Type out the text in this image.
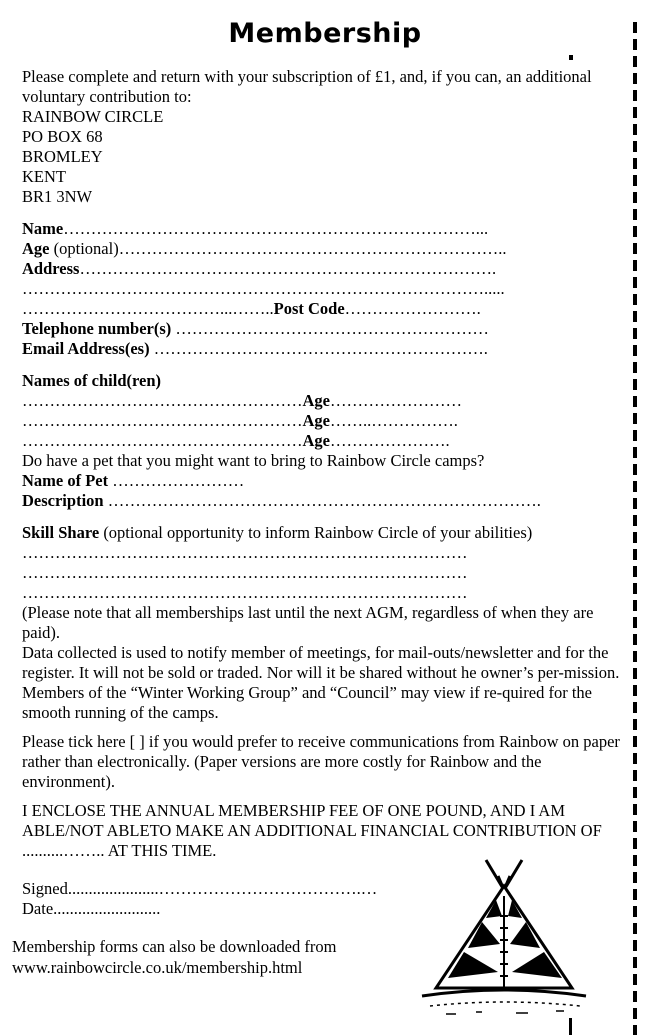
Membership

Please complete and return with your subscription of £1, and, if you can, an additional voluntary contribution to:

RAINBOW CIRCLE
PO BOX 68
BROMLEY
KENT
BR1 3NW
Name…………………………………………………………………...
Age (optional)……………………………………………………………..
Address………………………………………………………………….
………………………………………………………………………….....
………………………………...……..Post Code…………………….
Telephone number(s) …………………………………………………
Email Address(es) …………………………………………………….
Names of child(ren)
……………………………………………Age……………………
……………………………………………Age……..…………….
……………………………………………Age………………….
Do have a pet that you might want to bring to Rainbow Circle camps?
Name of Pet ……………………
Description …………………………………………………………………….
Skill Share (optional opportunity to inform Rainbow Circle of your abilities)
………………………………………………………………………
………………………………………………………………………
………………………………………………………………………

(Please note that all memberships last until the next AGM, regardless of when they are paid).

Data collected is used to notify member of meetings, for mail-outs/newsletter and for the register. It will not be sold or traded. Nor will it be shared without he owner’s per-mission. Members of the “Winter Working Group” and “Council” may view if re-quired for the smooth running of the camps.

Please tick here [ ] if you would prefer to receive communications from Rainbow on paper rather than electronically. (Paper versions are more costly for Rainbow and the environment).

I ENCLOSE THE ANNUAL MEMBERSHIP FEE OF ONE POUND, AND I AM ABLE/NOT ABLETO MAKE AN ADDITIONAL FINANCIAL CONTRIBUTION OF ..........…….. AT THIS TIME.

Signed......................……………………………….…
Date..........................
Membership forms can also be downloaded from
www.rainbowcircle.co.uk/membership.html
